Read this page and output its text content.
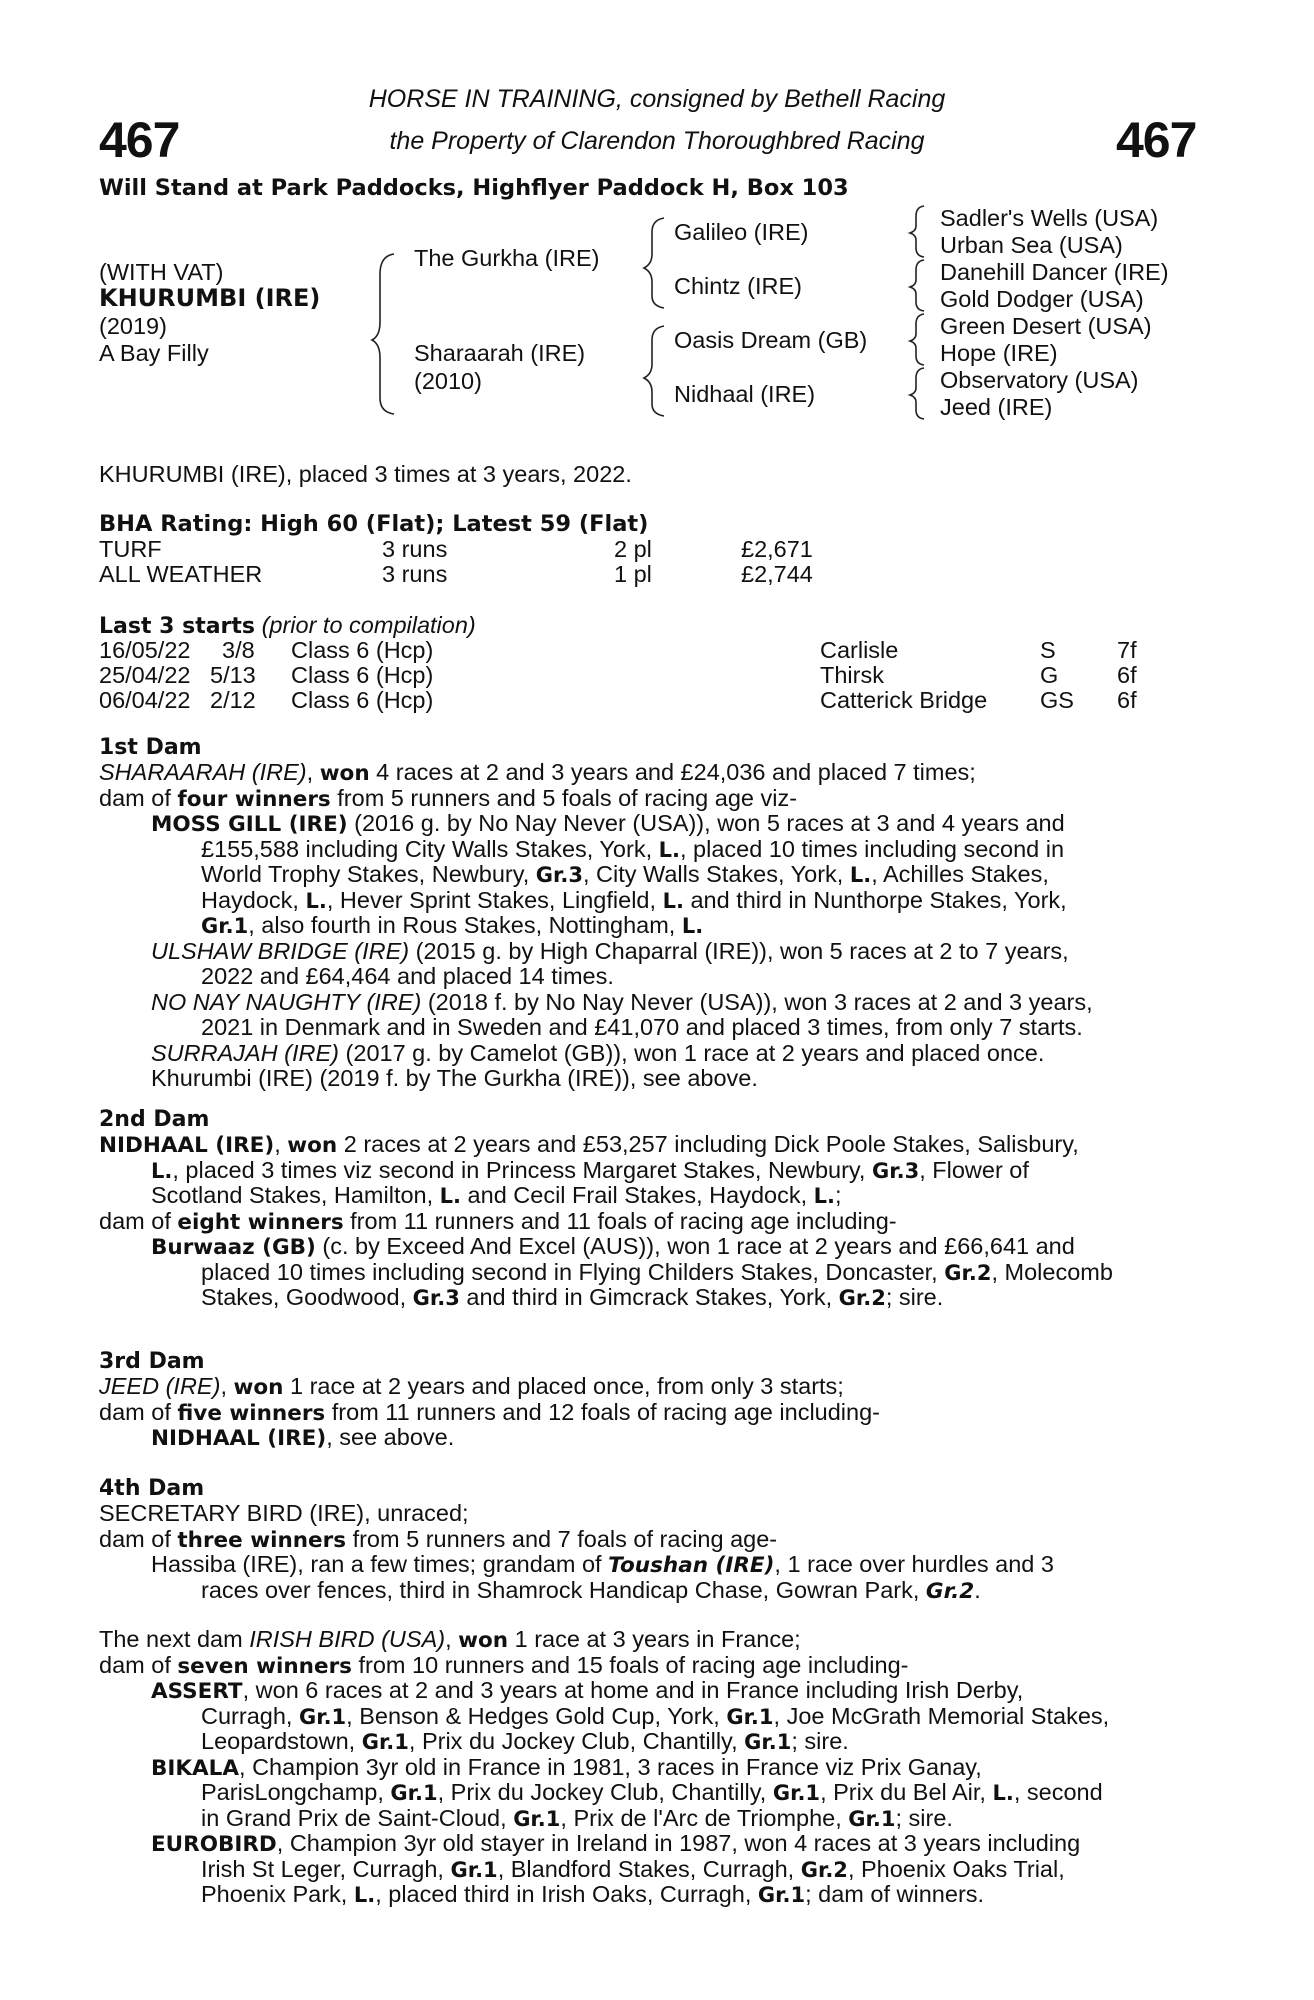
467	467
HORSE IN TRAINING, consigned by Bethell Racing
the Property of Clarendon Thoroughbred Racing
Will Stand at Park Paddocks, Highflyer Paddock H, Box 103
(WITH VAT)
KHURUMBI (IRE)
(2019)
A Bay Filly
The Gurkha (IRE)
Sharaarah (IRE)
(2010)
Galileo (IRE)
Chintz (IRE)
Oasis Dream (GB)
Nidhaal (IRE)
Sadler's Wells (USA)
Urban Sea (USA)
Danehill Dancer (IRE)
Gold Dodger (USA)
Green Desert (USA)
Hope (IRE)
Observatory (USA)
Jeed (IRE)
KHURUMBI (IRE), placed 3 times at 3 years, 2022.
BHA Rating: High 60 (Flat); Latest 59 (Flat)
TURF	3 runs	2 pl	£2,671
ALL WEATHER	3 runs	1 pl	£2,744
Last 3 starts (prior to compilation)
16/05/22 3/8 Class 6 (Hcp)	Carlisle	S	7f
25/04/22 5/13 Class 6 (Hcp)	Thirsk	G 6f
06/04/22 2/12 Class 6 (Hcp)	Catterick Bridge GS 6f
1st Dam
SHARAARAH (IRE), won 4 races at 2 and 3 years and £24,036 and placed 7 times;
dam of four winners from 5 runners and 5 foals of racing age viz-
MOSS GILL (IRE) (2016 g. by No Nay Never (USA)), won 5 races at 3 and 4 years and
£155,588 including City Walls Stakes, York, L., placed 10 times including second in
World Trophy Stakes, Newbury, Gr.3, City Walls Stakes, York, L., Achilles Stakes,
Haydock, L., Hever Sprint Stakes, Lingfield, L. and third in Nunthorpe Stakes, York,
Gr.1, also fourth in Rous Stakes, Nottingham, L.
ULSHAW BRIDGE (IRE) (2015 g. by High Chaparral (IRE)), won 5 races at 2 to 7 years,
2022 and £64,464 and placed 14 times.
NO NAY NAUGHTY (IRE) (2018 f. by No Nay Never (USA)), won 3 races at 2 and 3 years,
2021 in Denmark and in Sweden and £41,070 and placed 3 times, from only 7 starts.
SURRAJAH (IRE) (2017 g. by Camelot (GB)), won 1 race at 2 years and placed once.
Khurumbi (IRE) (2019 f. by The Gurkha (IRE)), see above.
2nd Dam
NIDHAAL (IRE), won 2 races at 2 years and £53,257 including Dick Poole Stakes, Salisbury,
L., placed 3 times viz second in Princess Margaret Stakes, Newbury, Gr.3, Flower of
Scotland Stakes, Hamilton, L. and Cecil Frail Stakes, Haydock, L.;
dam of eight winners from 11 runners and 11 foals of racing age including-
Burwaaz (GB) (c. by Exceed And Excel (AUS)), won 1 race at 2 years and £66,641 and
placed 10 times including second in Flying Childers Stakes, Doncaster, Gr.2, Molecomb
Stakes, Goodwood, Gr.3 and third in Gimcrack Stakes, York, Gr.2; sire.
3rd Dam
JEED (IRE), won 1 race at 2 years and placed once, from only 3 starts;
dam of five winners from 11 runners and 12 foals of racing age including-
NIDHAAL (IRE), see above.
4th Dam
SECRETARY BIRD (IRE), unraced;
dam of three winners from 5 runners and 7 foals of racing age-
Hassiba (IRE), ran a few times; grandam of Toushan (IRE), 1 race over hurdles and 3
races over fences, third in Shamrock Handicap Chase, Gowran Park, Gr.2.
The next dam IRISH BIRD (USA), won 1 race at 3 years in France;
dam of seven winners from 10 runners and 15 foals of racing age including-
ASSERT, won 6 races at 2 and 3 years at home and in France including Irish Derby,
Curragh, Gr.1, Benson & Hedges Gold Cup, York, Gr.1, Joe McGrath Memorial Stakes,
Leopardstown, Gr.1, Prix du Jockey Club, Chantilly, Gr.1; sire.
BIKALA, Champion 3yr old in France in 1981, 3 races in France viz Prix Ganay,
ParisLongchamp, Gr.1, Prix du Jockey Club, Chantilly, Gr.1, Prix du Bel Air, L., second
in Grand Prix de Saint-Cloud, Gr.1, Prix de l'Arc de Triomphe, Gr.1; sire.
EUROBIRD, Champion 3yr old stayer in Ireland in 1987, won 4 races at 3 years including
Irish St Leger, Curragh, Gr.1, Blandford Stakes, Curragh, Gr.2, Phoenix Oaks Trial,
Phoenix Park, L., placed third in Irish Oaks, Curragh, Gr.1; dam of winners.
